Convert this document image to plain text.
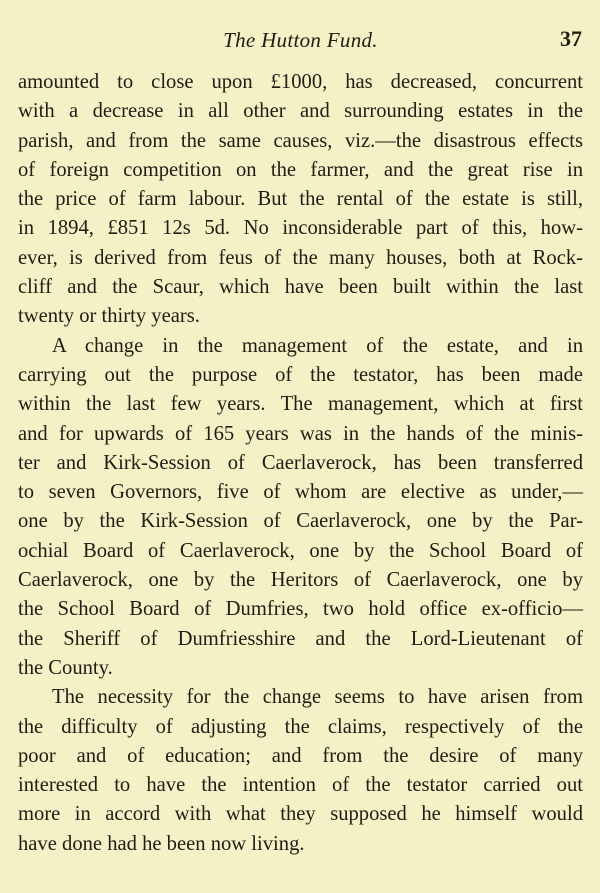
The Hutton Fund.	37

amounted to close upon £1000, has decreased, concurrent

with a decrease in all other and surrounding estates in the

parish, and from the same causes, viz.—the disastrous effects

of foreign competition on the farmer, and the great rise in

the price of farm labour. But the rental of the estate is still,

in 1894, £851 12s 5d. No inconsiderable part of this, how-

ever, is derived from feus of the many houses, both at Rock-

cliff and the Scaur, which have been built within the last

twenty or thirty years.

A change in the management of the estate, and in

carrying out the purpose of the testator, has been made

within the last few years. The management, which at first

and for upwards of 165 years was in the hands of the minis-

ter and Kirk-Session of Caerlaverock, has been transferred

to seven Governors, five of whom are elective as under,—

one by the Kirk-Session of Caerlaverock, one by the Par-

ochial Board of Caerlaverock, one by the School Board of

Caerlaverock, one by the Heritors of Caerlaverock, one by

the School Board of Dumfries, two hold office ex-officio—

the Sheriff of Dumfriesshire and the Lord-Lieutenant of

the County.

The necessity for the change seems to have arisen from

the difficulty of adjusting the claims, respectively of the

poor and of education; and from the desire of many

interested to have the intention of the testator carried out

more in accord with what they supposed he himself would

have done had he been now living.
